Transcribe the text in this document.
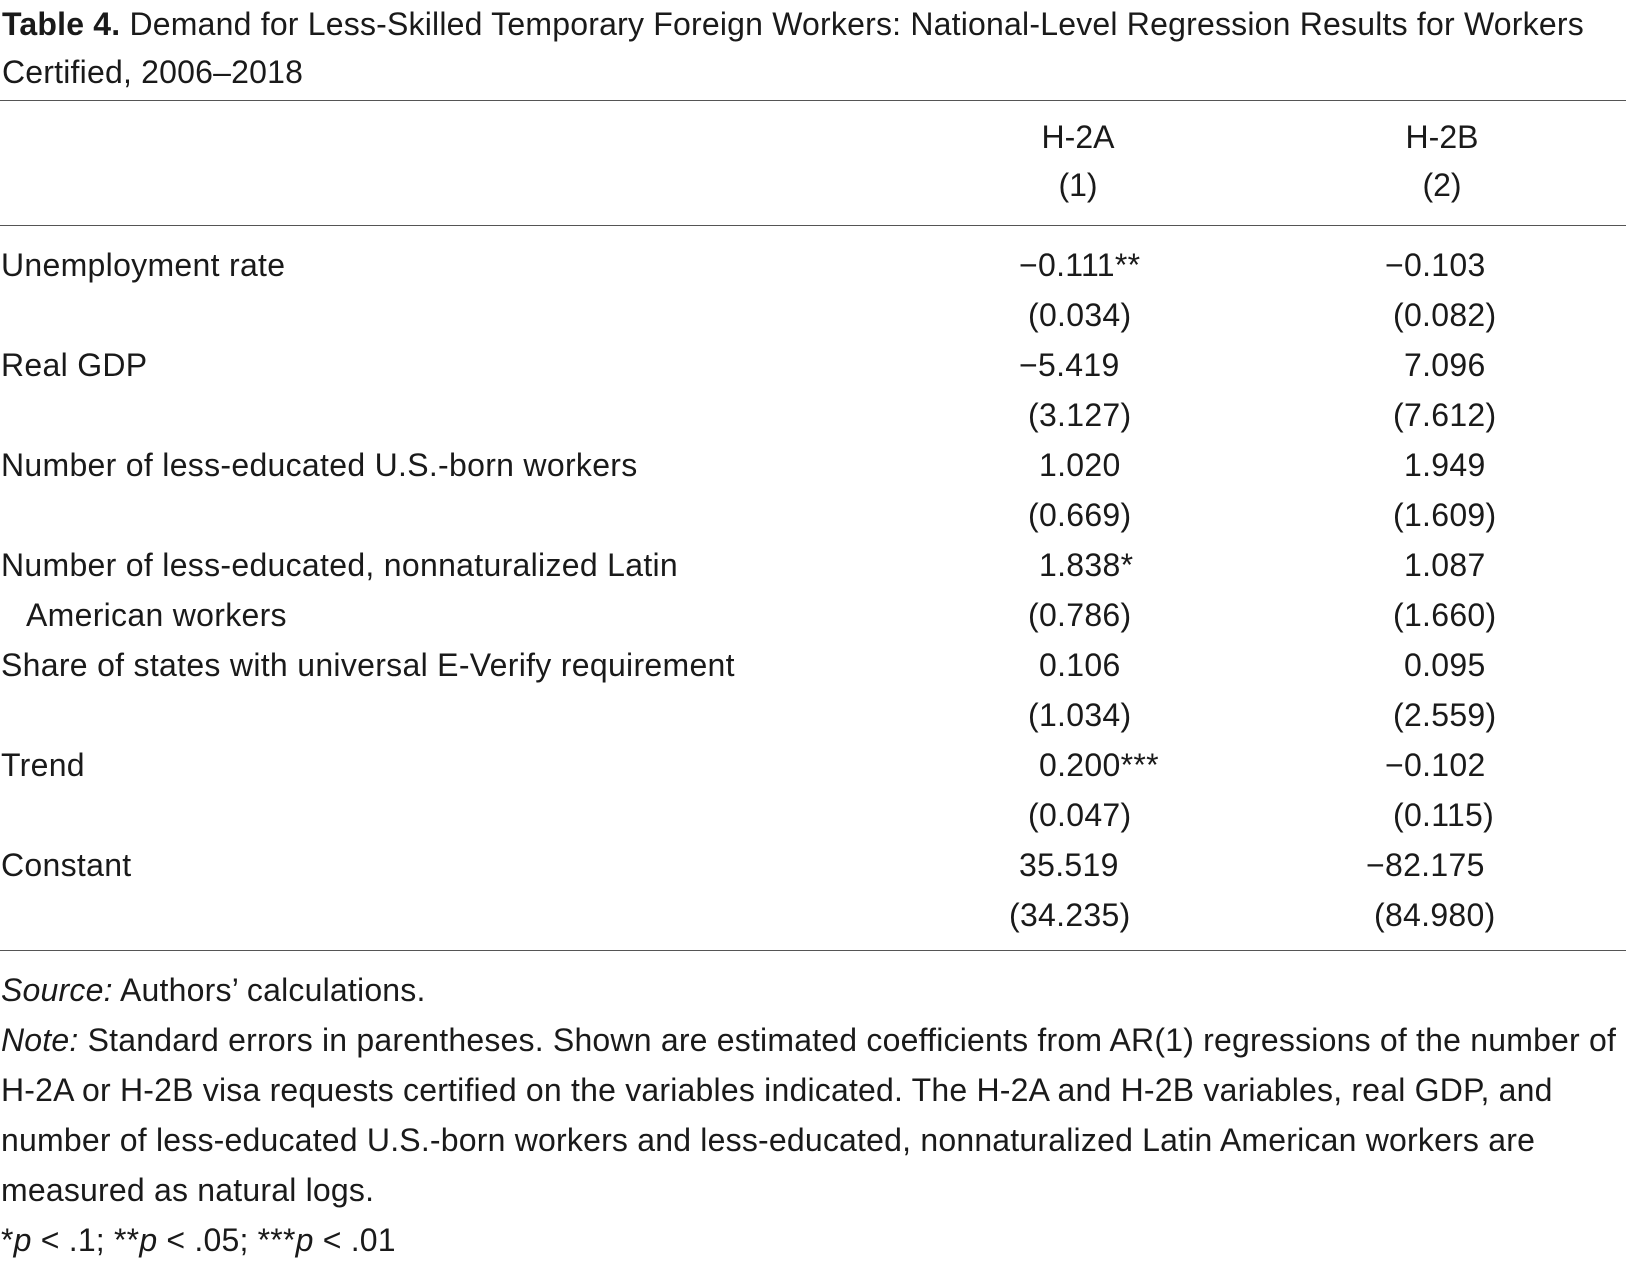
Table 4. Demand for Less-Skilled Temporary Foreign Workers: National-Level Regression Results for Workers Certified, 2006–2018
H-2A
(1)
H-2B
(2)
Unemployment rate
Real GDP
Number of less-educated U.S.-born workers
Number of less-educated, nonnaturalized Latin
American workers
Share of states with universal E-Verify requirement
Trend
Constant
−0.111**
(0.034)
−5.419
(3.127)
1.020
(0.669)
1.838*
(0.786)
0.106
(1.034)
0.200***
(0.047)
35.519
(34.235)
−0.103
(0.082)
7.096
(7.612)
1.949
(1.609)
1.087
(1.660)
0.095
(2.559)
−0.102
(0.115)
−82.175
(84.980)

Source: Authors’ calculations.

Note: Standard errors in parentheses. Shown are estimated coefficients from AR(1) regressions of the number of H-2A or H-2B visa requests certified on the variables indicated. The H-2A and H-2B variables, real GDP, and number of less-educated U.S.-born workers and less-educated, nonnaturalized Latin American workers are measured as natural logs.

*p < .1; **p < .05; ***p < .01
